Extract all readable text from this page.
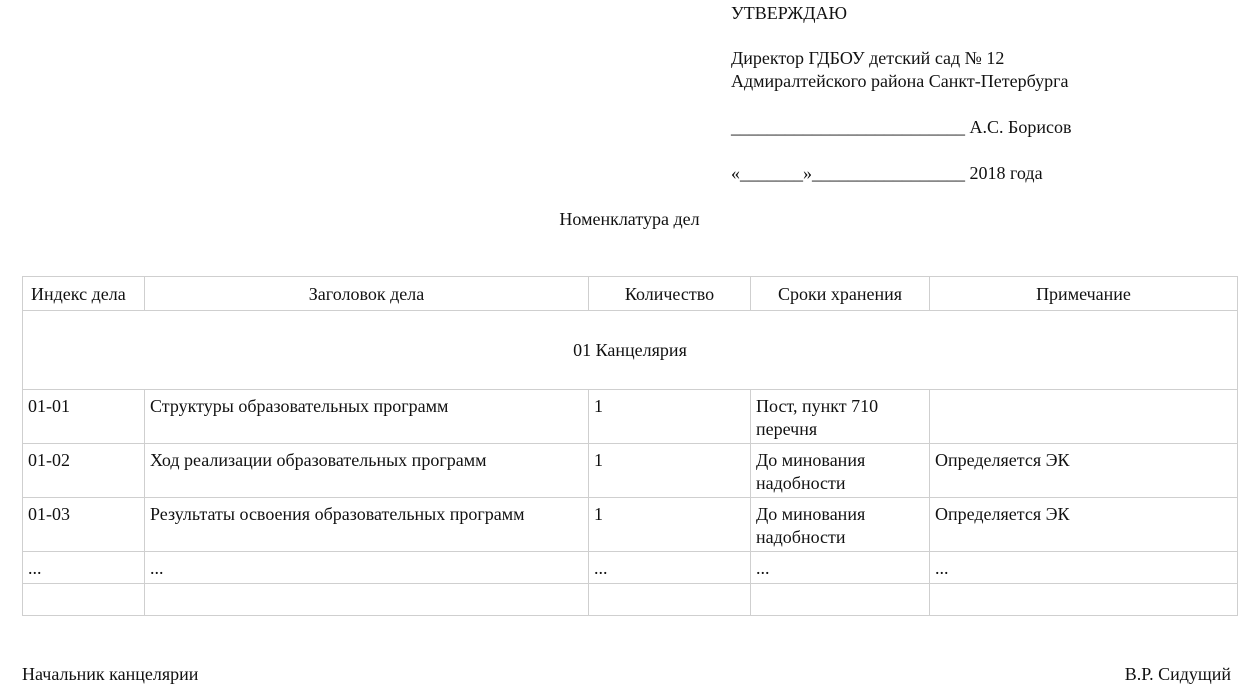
УТВЕРЖДАЮ
Директор ГДБОУ детский сад № 12
Адмиралтейского района Санкт-Петербурга
__________________________ А.С. Борисов
«_______»_________________ 2018 года
Номенклатура дел
Индекс дела	Заголовок дела	Количество	Сроки хранения	Примечание
01 Канцелярия				
01-01	Структуры образовательных программ	1	Пост, пункт 710 перечня	
01-02	Ход реализации образовательных программ	1	До минования надобности	Определяется ЭК
01-03	Результаты освоения образовательных программ	1	До минования надобности	Определяется ЭК
...	...	...	...	...

Начальник канцелярии	В.Р. Сидущий
